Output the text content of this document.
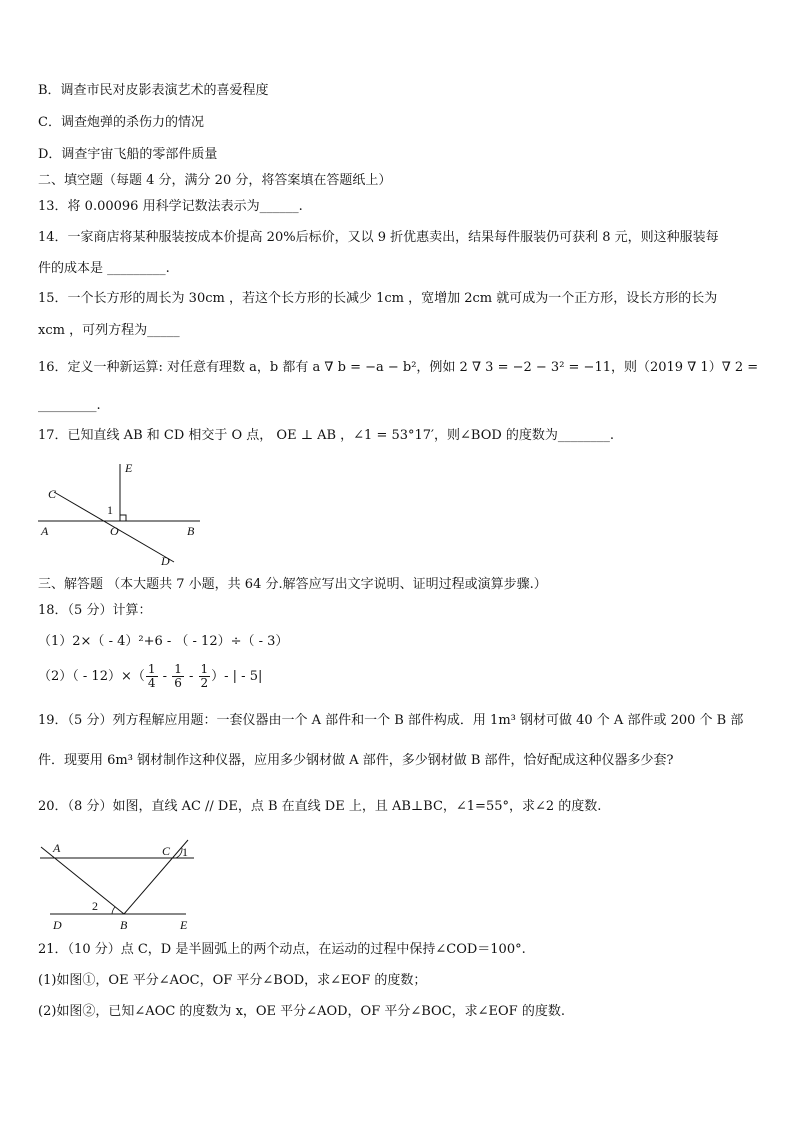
B．调查市民对皮影表演艺术的喜爱程度
C．调查炮弹的杀伤力的情况
D．调查宇宙飞船的零部件质量
二、填空题（每题 4 分，满分 20 分，将答案填在答题纸上）
13．将 0.00096 用科学记数法表示为______.
14．一家商店将某种服装按成本价提高 20%后标价，又以 9 折优惠卖出，结果每件服装仍可获利 8 元，则这种服装每
件的成本是 _________.
15．一个长方形的周长为 30cm ，若这个长方形的长减少 1cm ，宽增加 2cm 就可成为一个正方形，设长方形的长为
xcm ，可列方程为_____
16．定义一种新运算: 对任意有理数 a，b 都有 a ∇ b = −a − b²，例如 2 ∇ 3 = −2 − 3² = −11，则（2019 ∇ 1）∇ 2 =
_________.
17．已知直线 AB 和 CD 相交于 O 点， OE ⊥ AB ，∠1 = 53°17′，则∠BOD 的度数为________.
E
C
1
A	O	B
D
三、解答题 （本大题共 7 小题，共 64 分.解答应写出文字说明、证明过程或演算步骤.）
18．（5 分）计算：
（1）2×（ - 4）²+6 - （ - 12）÷（ - 3）
$(2)( - 12)\times( \frac{1}{4} - \frac{1}{6} - \frac{1}{2}$ ）- | - 5|
19．（5 分）列方程解应用题：一套仪器由一个 A 部件和一个 B 部件构成．用 1m³ 钢材可做 40 个 A 部件或 200 个 B 部
件．现要用 6m³ 钢材制作这种仪器，应用多少钢材做 A 部件，多少钢材做 B 部件，恰好配成这种仪器多少套?
20．（8 分）如图，直线 AC // DE，点 B 在直线 DE 上，且 AB⊥BC，∠1=55°，求∠2 的度数.
A	C 1
2
D	B	E
21．（10 分）点 C，D 是半圆弧上的两个动点，在运动的过程中保持∠COD＝100°.
(1)如图①，OE 平分∠AOC，OF 平分∠BOD，求∠EOF 的度数；
(2)如图②，已知∠AOC 的度数为 x，OE 平分∠AOD，OF 平分∠BOC，求∠EOF 的度数.
